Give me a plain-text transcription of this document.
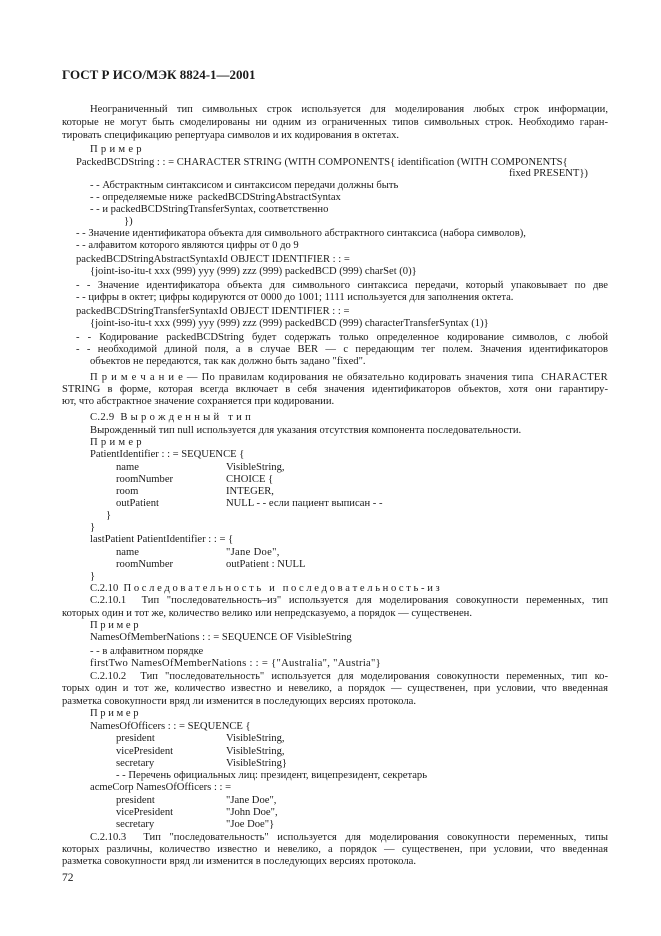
ГОСТ Р ИСО/МЭК 8824-1—2001
Неограниченный тип символьных строк используется для моделирования любых строк информации,
которые не могут быть смоделированы ни одним из ограниченных типов символьных строк. Необходимо гаран-
тировать спецификацию репертуара символов и их кодирования в октетах.
П р и м е р
PackedBCDString : : = CHARACTER STRING (WITH COMPONENTS{ identification (WITH COMPONENTS{
fixed PRESENT})
- - Абстрактным синтаксисом и синтаксисом передачи должны быть
- - определяемые ниже  packedBCDStringAbstractSyntax
- - и packedBCDStringTransferSyntax, соответственно
})
- - Значение идентификатора объекта для символьного абстрактного синтаксиса (набора символов),
- - алфавитом которого являются цифры от 0 до 9
packedBCDStringAbstractSyntaxId OBJECT IDENTIFIER : : =
{joint-iso-itu-t xxx (999) yyy (999) zzz (999) packedBCD (999) charSet (0)}
- - Значение идентификатора объекта для символьного синтаксиса передачи, который упаковывает по две
- - цифры в октет; цифры кодируются от 0000 до 1001; 1111 используется для заполнения октета.
packedBCDStringTransferSyntaxId OBJECT IDENTIFIER : : =
{joint-iso-itu-t xxx (999) yyy (999) zzz (999) packedBCD (999) characterTransferSyntax (1)}
- - Кодирование packedBCDString будет содержать только определенное кодирование символов, с любой
- - необходимой длиной поля, а в случае BER — с передающим тег полем. Значения идентификаторов
объектов не передаются, так как должно быть задано "fixed".
П р и м е ч а н и е — По правилам кодирования не обязательно кодировать значения типа  CHARACTER
STRING в форме, которая всегда включает в себя значения идентификаторов объектов, хотя они гарантиру-
ют, что абстрактное значение сохраняется при кодировании.
C.2.9  В ы р о ж д е н н ы й   т и п
Вырожденный тип null используется для указания отсутствия компонента последовательности.
П р и м е р
PatientIdentifier : : = SEQUENCE {
name	VisibleString,
roomNumber	CHOICE {
room	INTEGER,
outPatient	NULL - - если пациент выписан - -
}
}
lastPatient PatientIdentifier : : = {
name	"Jane Doe",
roomNumber	outPatient : NULL
}
C.2.10  П о с л е д о в а т е л ь н о с т ь   и   п о с л е д о в а т е л ь н о с т ь - и з
C.2.10.1  Тип "последовательность–из" используется для моделирования совокупности переменных, тип
которых один и тот же, количество велико или непредсказуемо, а порядок — существенен.
П р и м е р
NamesOfMemberNations : : = SEQUENCE OF VisibleString
- - в алфавитном порядке
firstTwo NamesOfMemberNations : : = {"Australia", "Austria"}
C.2.10.2  Тип "последовательность" используется для моделирования совокупности переменных, тип ко-
торых один и тот же, количество известно и невелико, а порядок — существенен, при условии, что введенная
разметка совокупности вряд ли изменится в последующих версиях протокола.
П р и м е р
NamesOfOfficers : : = SEQUENCE {
president	VisibleString,
vicePresident	VisibleString,
secretary	VisibleString}
- - Перечень официальных лиц: президент, вицепрезидент, секретарь
acmeCorp NamesOfOfficers : : =
president	"Jane Doe",
vicePresident	"John Doe",
secretary	"Joe Doe"}
C.2.10.3  Тип "последовательность" используется для моделирования совокупности переменных, типы
которых различны, количество известно и невелико, а порядок — существенен, при условии, что введенная
разметка совокупности вряд ли изменится в последующих версиях протокола.
72
